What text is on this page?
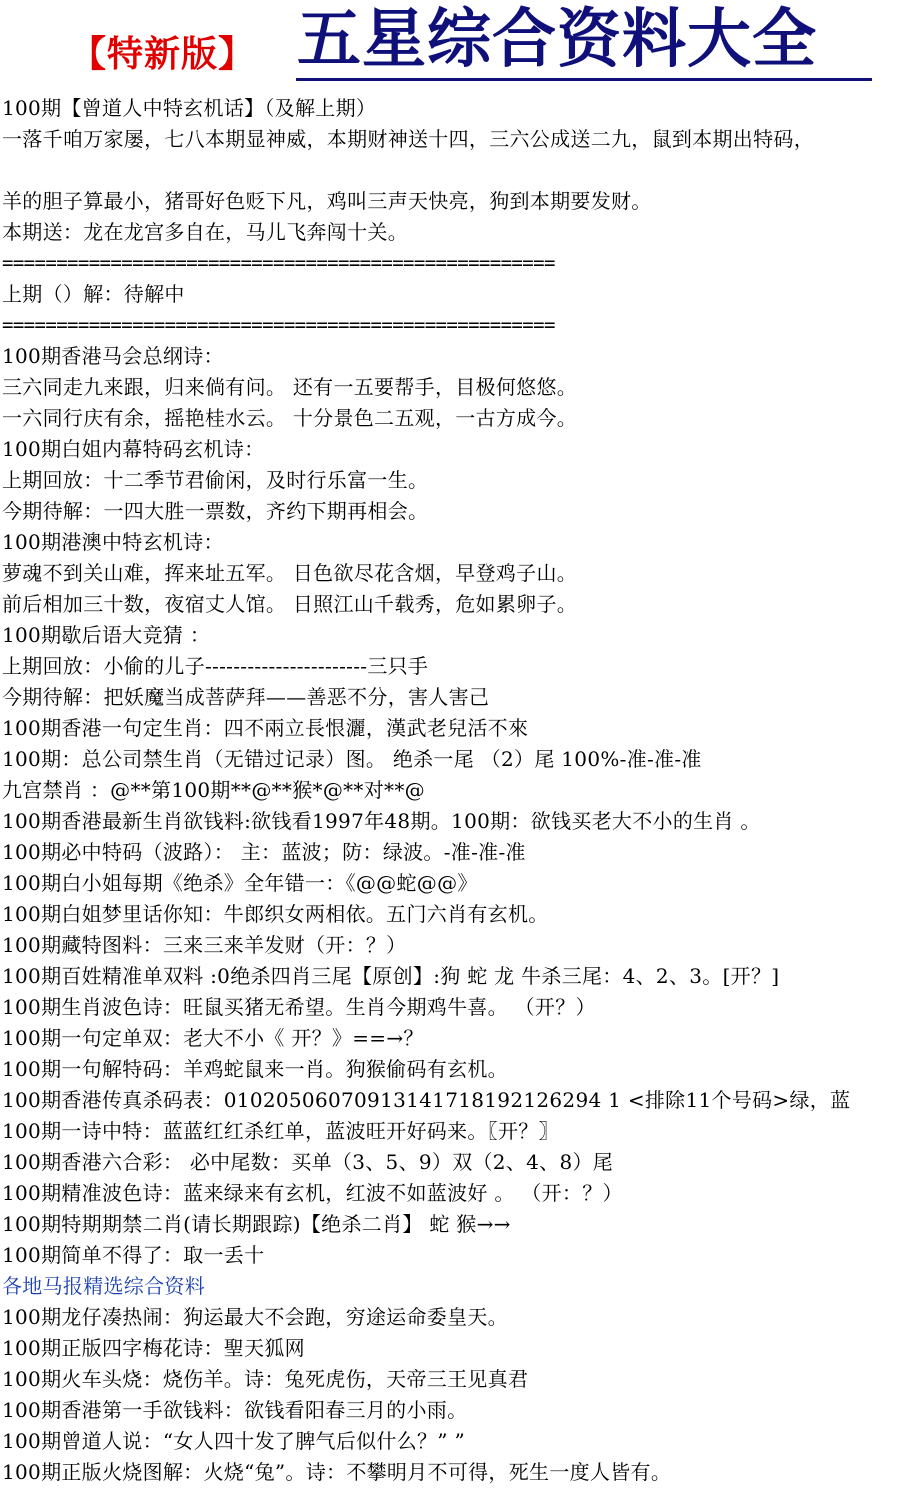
【特新版】 五星综合资料大全
100期【曾道人中特玄机话】（及解上期）
一落千咱万家屡，七八本期显神威，本期财神送十四，三六公成送二九，鼠到本期出特码，
羊的胆子算最小，猪哥好色贬下凡，鸡叫三声天快亮，狗到本期要发财。
本期送：龙在龙宫多自在，马儿飞奔闯十关。
===================================================
上期（）解：待解中
===================================================
100期香港马会总纲诗：
三六同走九来跟，归来倘有问。 还有一五要帮手，目极何悠悠。
一六同行庆有余，摇艳桂水云。 十分景色二五观，一古方成今。
100期白姐内幕特码玄机诗：
上期回放：十二季节君偷闲，及时行乐富一生。
今期待解：一四大胜一票数，齐约下期再相会。
100期港澳中特玄机诗：
萝魂不到关山难，挥来址五军。 日色欲尽花含烟，早登鸡子山。
前后相加三十数，夜宿丈人馆。 日照江山千载秀，危如累卵子。
100期歇后语大竞猜 ：
上期回放：小偷的儿子-----------------------三只手
今期待解：把妖魔当成菩萨拜——善恶不分，害人害己
100期香港一句定生肖：四不兩立長恨灑，漢武老兒活不來
100期：总公司禁生肖（无错过记录）图。 绝杀一尾 （2）尾 100%-准-准-准
九宫禁肖 ：@**第100期**@**猴*@**对**@
100期香港最新生肖欲钱料:欲钱看1997年48期。100期：欲钱买老大不小的生肖 。
100期必中特码（波路）： 主：蓝波；防：绿波。-准-准-准
100期白小姐每期《绝杀》全年错一：《@@蛇@@》
100期白姐梦里话你知：牛郎织女两相依。五门六肖有玄机。
100期藏特图料：三来三来羊发财（开：？）
100期百姓精准单双料 :0绝杀四肖三尾【原创】:狗 蛇 龙 牛杀三尾：4、2、3。[开？]
100期生肖波色诗：旺鼠买猪无希望。生肖今期鸡牛喜。 （开？）
100期一句定单双：老大不小《 开？》==→？
100期一句解特码：羊鸡蛇鼠来一肖。狗猴偷码有玄机。
100期香港传真杀码表：01020506070913141718192126294 1 <排除11个号码>绿，蓝
100期一诗中特：蓝蓝红红杀红单，蓝波旺开好码来。〖开？〗
100期香港六合彩： 必中尾数：买单（3、5、9）双（2、4、8）尾
100期精准波色诗：蓝来绿来有玄机，红波不如蓝波好 。 （开：？）
100期特期期禁二肖(请长期跟踪)【绝杀二肖】 蛇 猴→→
100期简单不得了：取一丢十
各地马报精选综合资料
100期龙仔凑热闹：狗运最大不会跑，穷途运命委皇天。
100期正版四字梅花诗：聖天狐网
100期火车头烧：烧伤羊。诗：兔死虎伤，天帝三王见真君
100期香港第一手欲钱料：欲钱看阳春三月的小雨。
100期曾道人说：“女人四十发了脾气后似什么？” ”
100期正版火烧图解：火烧“兔”。诗：不攀明月不可得，死生一度人皆有。
